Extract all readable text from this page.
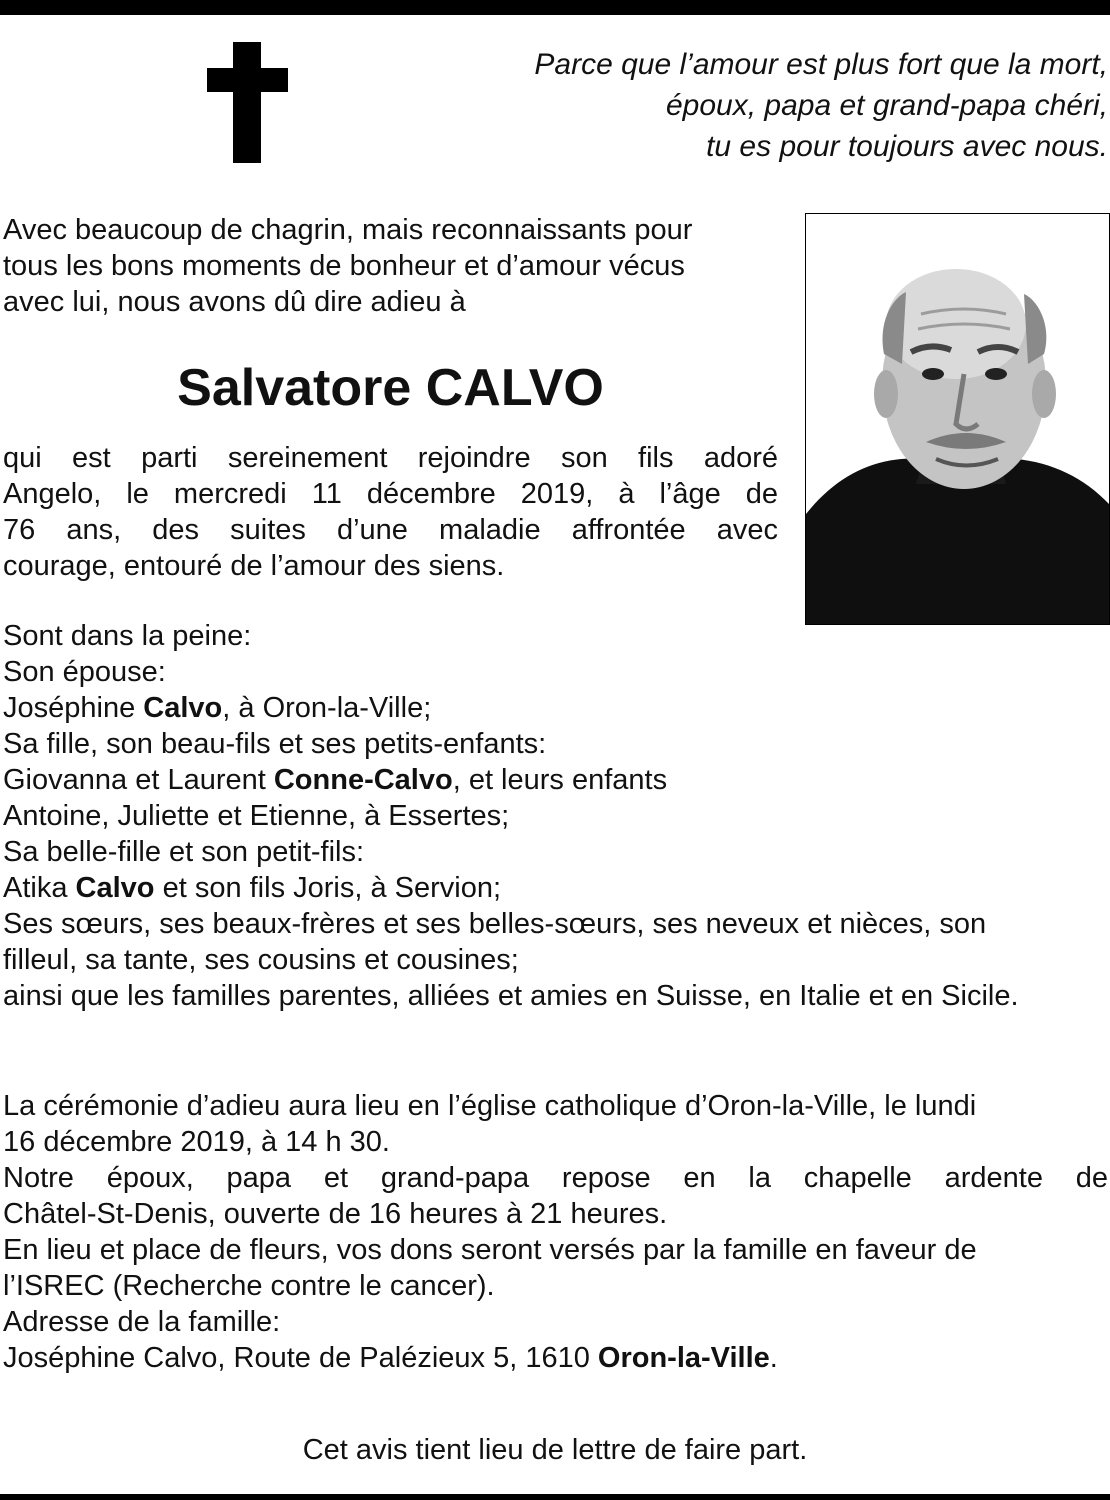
Parce que l’amour est plus fort que la mort,
époux, papa et grand-papa chéri,
tu es pour toujours avec nous.
Avec beaucoup de chagrin, mais reconnaissants pour
tous les bons moments de bonheur et d’amour vécus
avec lui, nous avons dû dire adieu à
Salvatore CALVO
qui est parti sereinement rejoindre son fils adoré
Angelo, le mercredi 11 décembre 2019, à l’âge de
76 ans, des suites d’une maladie affrontée avec
courage, entouré de l’amour des siens.
Sont dans la peine:
Son épouse:
Joséphine Calvo, à Oron-la-Ville;
Sa fille, son beau-fils et ses petits-enfants:
Giovanna et Laurent Conne-Calvo, et leurs enfants
Antoine, Juliette et Etienne, à Essertes;
Sa belle-fille et son petit-fils:
Atika Calvo et son fils Joris, à Servion;
Ses sœurs, ses beaux-frères et ses belles-sœurs, ses neveux et nièces, son
filleul, sa tante, ses cousins et cousines;
ainsi que les familles parentes, alliées et amies en Suisse, en Italie et en Sicile.
La cérémonie d’adieu aura lieu en l’église catholique d’Oron-la-Ville, le lundi
16 décembre 2019, à 14 h 30.
Notre époux, papa et grand-papa repose en la chapelle ardente de
Châtel-St-Denis, ouverte de 16 heures à 21 heures.
En lieu et place de fleurs, vos dons seront versés par la famille en faveur de
l’ISREC (Recherche contre le cancer).
Adresse de la famille:
Joséphine Calvo, Route de Palézieux 5, 1610 Oron-la-Ville.
Cet avis tient lieu de lettre de faire part.
